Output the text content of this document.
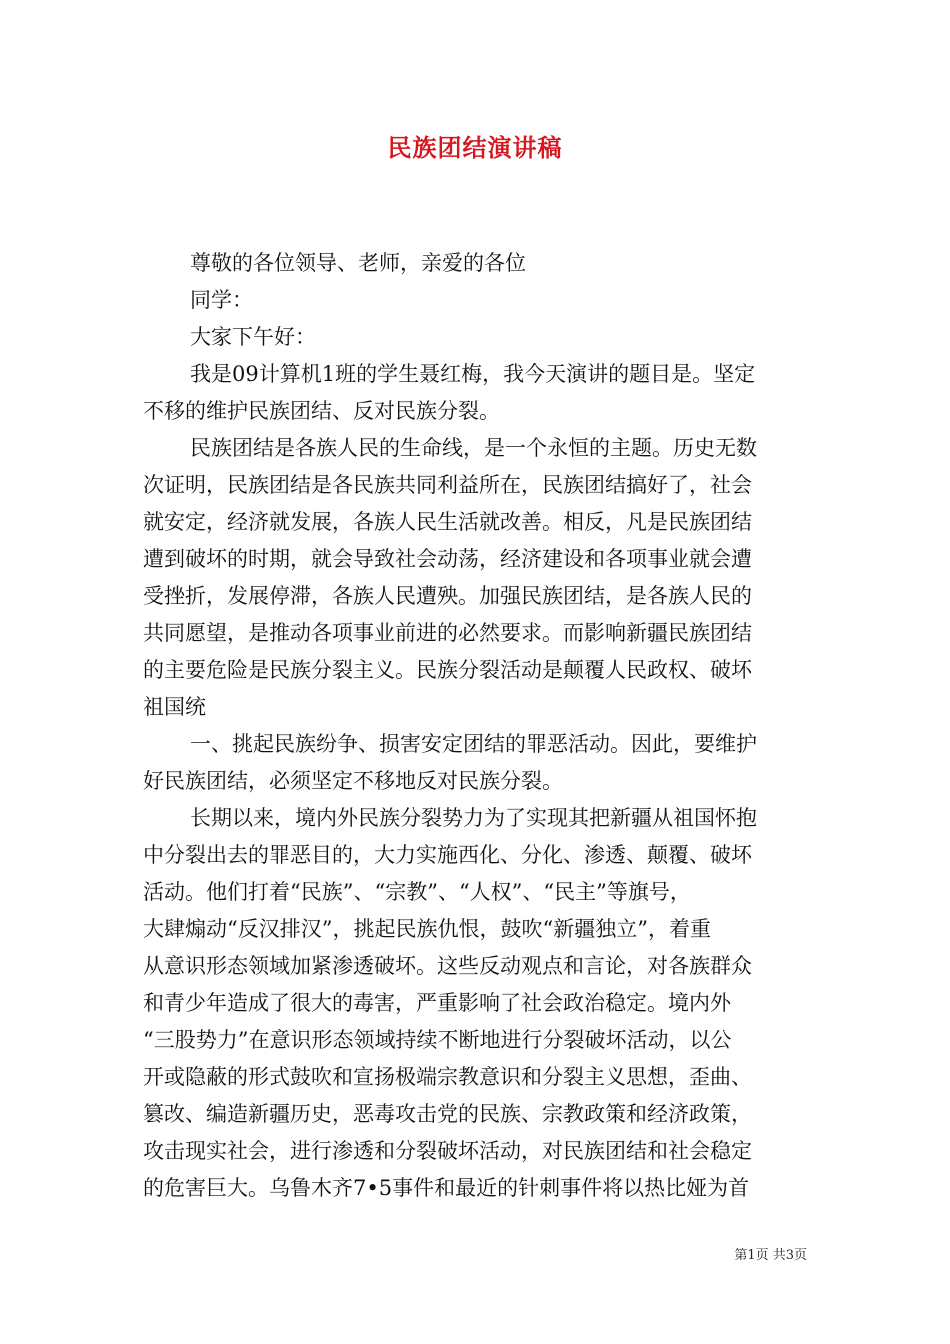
民族团结演讲稿
尊敬的各位领导、老师，亲爱的各位
同学：
大家下午好：
我是09计算机1班的学生聂红梅，我今天演讲的题目是。坚定
不移的维护民族团结、反对民族分裂。
民族团结是各族人民的生命线，是一个永恒的主题。历史无数
次证明，民族团结是各民族共同利益所在，民族团结搞好了，社会
就安定，经济就发展，各族人民生活就改善。相反，凡是民族团结
遭到破坏的时期，就会导致社会动荡，经济建设和各项事业就会遭
受挫折，发展停滞，各族人民遭殃。加强民族团结，是各族人民的
共同愿望，是推动各项事业前进的必然要求。而影响新疆民族团结
的主要危险是民族分裂主义。民族分裂活动是颠覆人民政权、破坏
祖国统
一、挑起民族纷争、损害安定团结的罪恶活动。因此，要维护
好民族团结，必须坚定不移地反对民族分裂。
长期以来，境内外民族分裂势力为了实现其把新疆从祖国怀抱
中分裂出去的罪恶目的，大力实施西化、分化、渗透、颠覆、破坏
活动。他们打着“民族”、“宗教”、“人权”、“民主”等旗号，
大肆煽动“反汉排汉”，挑起民族仇恨，鼓吹“新疆独立”，着重
从意识形态领域加紧渗透破坏。这些反动观点和言论，对各族群众
和青少年造成了很大的毒害，严重影响了社会政治稳定。境内外
“三股势力”在意识形态领域持续不断地进行分裂破坏活动，以公
开或隐蔽的形式鼓吹和宣扬极端宗教意识和分裂主义思想，歪曲、
篡改、编造新疆历史，恶毒攻击党的民族、宗教政策和经济政策，
攻击现实社会，进行渗透和分裂破坏活动，对民族团结和社会稳定
的危害巨大。乌鲁木齐7•5事件和最近的针刺事件将以热比娅为首
第1页 共3页
